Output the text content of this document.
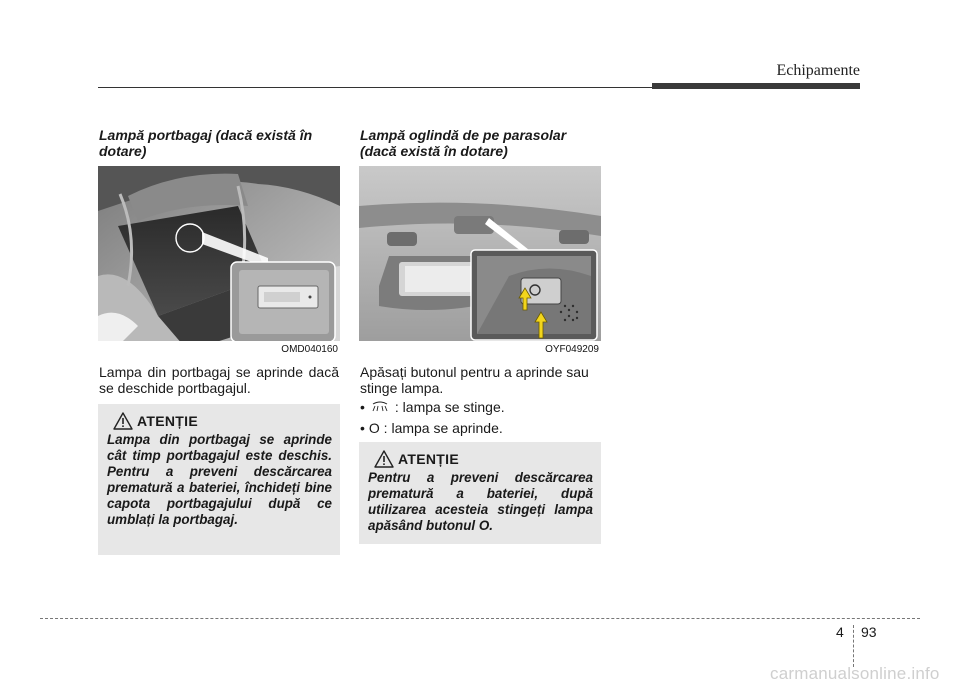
Echipamente
Lampă portbagaj (dacă există în dotare)
OMD040160
Lampa din portbagaj se aprinde dacă se deschide portbagajul.
ATENȚIE
Lampa din portbagaj se aprinde cât timp portbagajul este deschis. Pentru a preveni descărcarea prematură a bateriei, închideți bine capota portbagajului după ce umblați la portbagaj.
Lampă oglindă de pe parasolar (dacă există în dotare)
OYF049209
Apăsați butonul pentru a aprinde sau stinge lampa.
• : lampa se stinge.
• O : lampa se aprinde.
ATENȚIE
Pentru a preveni descărcarea prematură a bateriei, după utilizarea acesteia stingeți lampa apăsând butonul O.
4 93
carmanualsonline.info
